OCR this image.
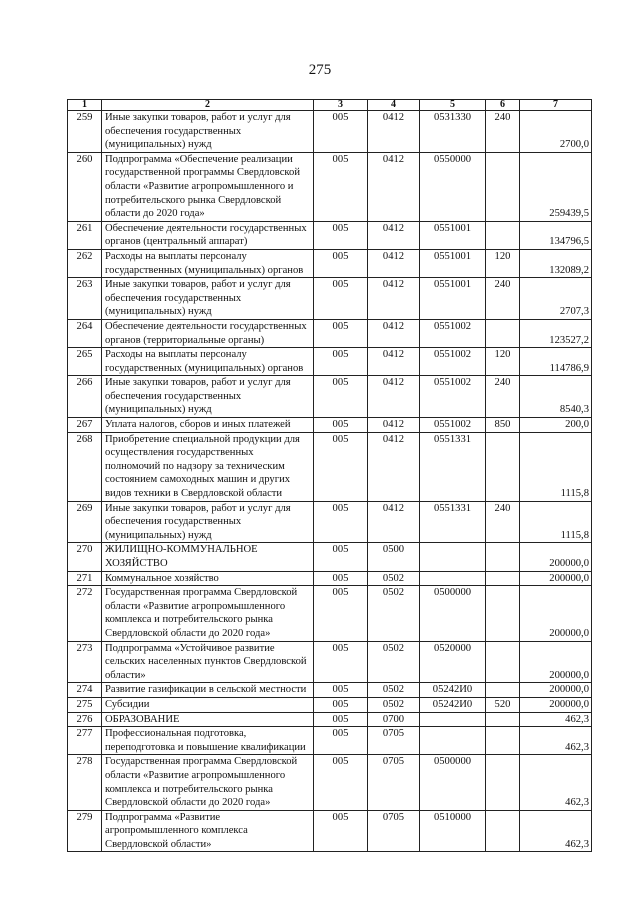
275
1	2	3	4	5	6	7
259	Иные закупки товаров, работ и услуг для
обеспечения государственных
(муниципальных) нужд	005	0412	0531330	240	2700,0
260	Подпрограмма «Обеспечение реализации
государственной программы Свердловской
области «Развитие агропромышленного и
потребительского рынка Свердловской
области до 2020 года»	005	0412	0550000		259439,5
261	Обеспечение деятельности государственных
органов (центральный аппарат)	005	0412	0551001		134796,5
262	Расходы на выплаты персоналу
государственных (муниципальных) органов	005	0412	0551001	120	132089,2
263	Иные закупки товаров, работ и услуг для
обеспечения государственных
(муниципальных) нужд	005	0412	0551001	240	2707,3
264	Обеспечение деятельности государственных
органов (территориальные органы)	005	0412	0551002		123527,2
265	Расходы на выплаты персоналу
государственных (муниципальных) органов	005	0412	0551002	120	114786,9
266	Иные закупки товаров, работ и услуг для
обеспечения государственных
(муниципальных) нужд	005	0412	0551002	240	8540,3
267	Уплата налогов, сборов и иных платежей	005	0412	0551002	850	200,0
268	Приобретение специальной продукции для
осуществления государственных
полномочий по надзору за техническим
состоянием самоходных машин и других
видов техники в Свердловской области	005	0412	0551331		1115,8
269	Иные закупки товаров, работ и услуг для
обеспечения государственных
(муниципальных) нужд	005	0412	0551331	240	1115,8
270	ЖИЛИЩНО-КОММУНАЛЬНОЕ
ХОЗЯЙСТВО	005	0500			200000,0
271	Коммунальное хозяйство	005	0502			200000,0
272	Государственная программа Свердловской
области «Развитие агропромышленного
комплекса и потребительского рынка
Свердловской области до 2020 года»	005	0502	0500000		200000,0
273	Подпрограмма «Устойчивое развитие
сельских населенных пунктов Свердловской
области»	005	0502	0520000		200000,0
274	Развитие газификации в сельской местности	005	0502	05242И0		200000,0
275	Субсидии	005	0502	05242И0	520	200000,0
276	ОБРАЗОВАНИЕ	005	0700			462,3
277	Профессиональная подготовка,
переподготовка и повышение квалификации	005	0705			462,3
278	Государственная программа Свердловской
области «Развитие агропромышленного
комплекса и потребительского рынка
Свердловской области до 2020 года»	005	0705	0500000		462,3
279	Подпрограмма «Развитие
агропромышленного комплекса
Свердловской области»	005	0705	0510000		462,3
